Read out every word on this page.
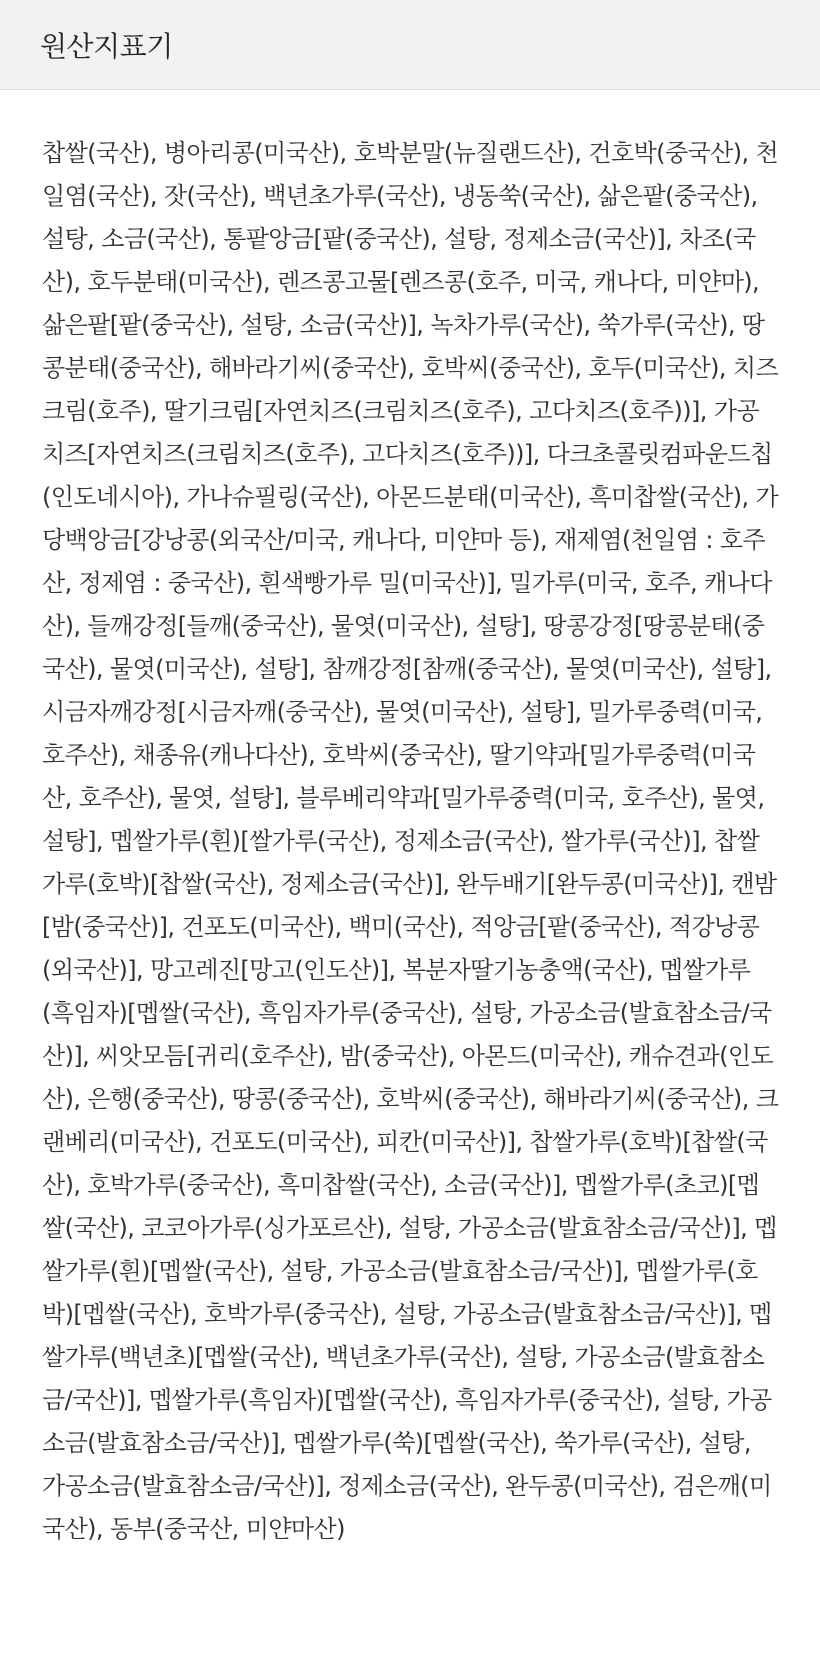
원산지표기

찹쌀(국산), 병아리콩(미국산), 호박분말(뉴질랜드산), 건호박(중국산), 천일염(국산), 잣(국산), 백년초가루(국산), 냉동쑥(국산), 삶은팥(중국산), 설탕, 소금(국산), 통팥앙금[팥(중국산), 설탕, 정제소금(국산)], 차조(국산), 호두분태(미국산), 렌즈콩고물[렌즈콩(호주, 미국, 캐나다, 미얀마), 삶은팥[팥(중국산), 설탕, 소금(국산)], 녹차가루(국산), 쑥가루(국산), 땅콩분태(중국산), 해바라기씨(중국산), 호박씨(중국산), 호두(미국산), 치즈크림(호주), 딸기크림[자연치즈(크림치즈(호주), 고다치즈(호주))], 가공치즈[자연치즈(크림치즈(호주), 고다치즈(호주))], 다크초콜릿컴파운드칩(인도네시아), 가나슈필링(국산), 아몬드분태(미국산), 흑미찹쌀(국산), 가당백앙금[강낭콩(외국산/미국, 캐나다, 미얀마 등), 재제염(천일염 : 호주산, 정제염 : 중국산), 흰색빵가루 밀(미국산)], 밀가루(미국, 호주, 캐나다산), 들깨강정[들깨(중국산), 물엿(미국산), 설탕], 땅콩강정[땅콩분태(중국산), 물엿(미국산), 설탕], 참깨강정[참깨(중국산), 물엿(미국산), 설탕], 시금자깨강정[시금자깨(중국산), 물엿(미국산), 설탕], 밀가루중력(미국, 호주산), 채종유(캐나다산), 호박씨(중국산), 딸기약과[밀가루중력(미국산, 호주산), 물엿, 설탕], 블루베리약과[밀가루중력(미국, 호주산), 물엿, 설탕], 멥쌀가루(흰)[쌀가루(국산), 정제소금(국산), 쌀가루(국산)], 찹쌀가루(호박)[찹쌀(국산), 정제소금(국산)], 완두배기[완두콩(미국산)], 캔밤[밤(중국산)], 건포도(미국산), 백미(국산), 적앙금[팥(중국산), 적강낭콩(외국산)], 망고레진[망고(인도산)], 복분자딸기농충액(국산), 멥쌀가루(흑임자)[멥쌀(국산), 흑임자가루(중국산), 설탕, 가공소금(발효참소금/국산)], 씨앗모듬[귀리(호주산), 밤(중국산), 아몬드(미국산), 캐슈견과(인도산), 은행(중국산), 땅콩(중국산), 호박씨(중국산), 해바라기씨(중국산), 크랜베리(미국산), 건포도(미국산), 피칸(미국산)], 찹쌀가루(호박)[찹쌀(국산), 호박가루(중국산), 흑미찹쌀(국산), 소금(국산)], 멥쌀가루(초코)[멥쌀(국산), 코코아가루(싱가포르산), 설탕, 가공소금(발효참소금/국산)], 멥쌀가루(흰)[멥쌀(국산), 설탕, 가공소금(발효참소금/국산)], 멥쌀가루(호박)[멥쌀(국산), 호박가루(중국산), 설탕, 가공소금(발효참소금/국산)], 멥쌀가루(백년초)[멥쌀(국산), 백년초가루(국산), 설탕, 가공소금(발효참소금/국산)], 멥쌀가루(흑임자)[멥쌀(국산), 흑임자가루(중국산), 설탕, 가공소금(발효참소금/국산)], 멥쌀가루(쑥)[멥쌀(국산), 쑥가루(국산), 설탕, 가공소금(발효참소금/국산)], 정제소금(국산), 완두콩(미국산), 검은깨(미국산), 동부(중국산, 미얀마산)
